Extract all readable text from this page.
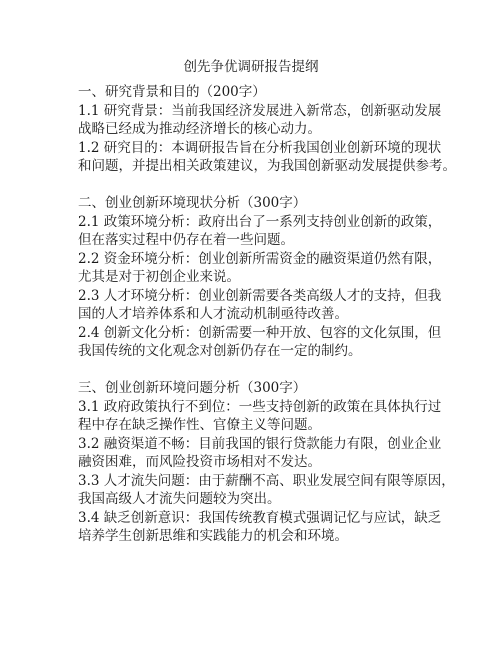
创先争优调研报告提纲
一、研究背景和目的（200字）
1.1 研究背景：当前我国经济发展进入新常态，创新驱动发展
战略已经成为推动经济增长的核心动力。
1.2 研究目的：本调研报告旨在分析我国创业创新环境的现状
和问题，并提出相关政策建议，为我国创新驱动发展提供参考。
二、创业创新环境现状分析（300字）
2.1 政策环境分析：政府出台了一系列支持创业创新的政策，
但在落实过程中仍存在着一些问题。
2.2 资金环境分析：创业创新所需资金的融资渠道仍然有限，
尤其是对于初创企业来说。
2.3 人才环境分析：创业创新需要各类高级人才的支持，但我
国的人才培养体系和人才流动机制亟待改善。
2.4 创新文化分析：创新需要一种开放、包容的文化氛围，但
我国传统的文化观念对创新仍存在一定的制约。
三、创业创新环境问题分析（300字）
3.1 政府政策执行不到位：一些支持创新的政策在具体执行过
程中存在缺乏操作性、官僚主义等问题。
3.2 融资渠道不畅：目前我国的银行贷款能力有限，创业企业
融资困难，而风险投资市场相对不发达。
3.3 人才流失问题：由于薪酬不高、职业发展空间有限等原因，
我国高级人才流失问题较为突出。
3.4 缺乏创新意识：我国传统教育模式强调记忆与应试，缺乏
培养学生创新思维和实践能力的机会和环境。
